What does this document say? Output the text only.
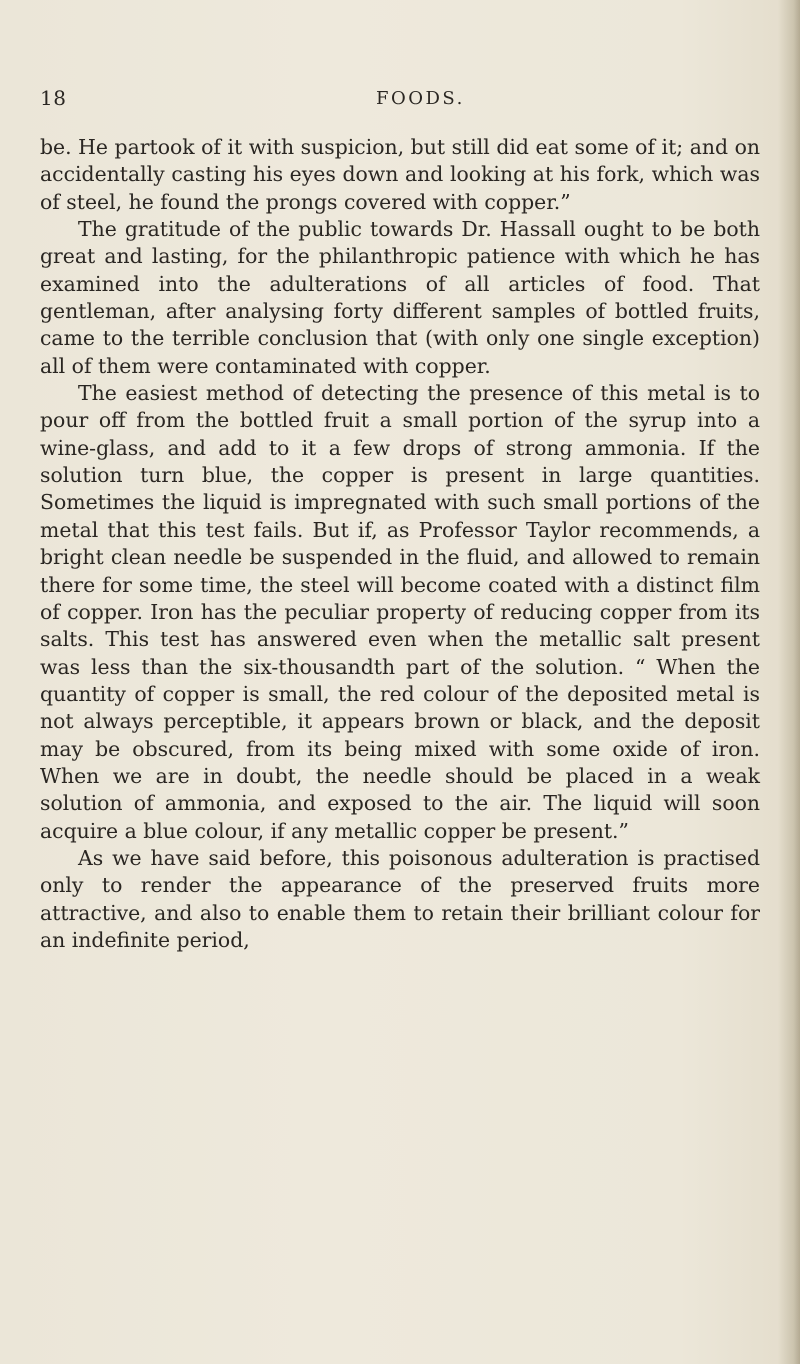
18	FOODS.

be. He partook of it with suspicion, but still did eat some of it; and on accidentally casting his eyes down and looking at his fork, which was of steel, he found the prongs covered with copper.”

The gratitude of the public towards Dr. Hassall ought to be both great and lasting, for the philanthropic patience with which he has examined into the adulterations of all articles of food. That gentleman, after analysing forty different samples of bottled fruits, came to the terrible conclusion that (with only one single exception) all of them were contaminated with copper.

The easiest method of detecting the presence of this metal is to pour off from the bottled fruit a small portion of the syrup into a wine-glass, and add to it a few drops of strong ammonia. If the solution turn blue, the copper is present in large quantities. Sometimes the liquid is impregnated with such small portions of the metal that this test fails. But if, as Professor Taylor recommends, a bright clean needle be suspended in the fluid, and allowed to remain there for some time, the steel will become coated with a distinct film of copper. Iron has the peculiar property of reducing copper from its salts. This test has answered even when the metallic salt present was less than the six-thousandth part of the solution. “ When the quantity of copper is small, the red colour of the deposited metal is not always perceptible, it appears brown or black, and the deposit may be obscured, from its being mixed with some oxide of iron. When we are in doubt, the needle should be placed in a weak solution of ammonia, and exposed to the air. The liquid will soon acquire a blue colour, if any metallic copper be present.”

As we have said before, this poisonous adulteration is practised only to render the appearance of the preserved fruits more attractive, and also to enable them to retain their brilliant colour for an indefinite period,
